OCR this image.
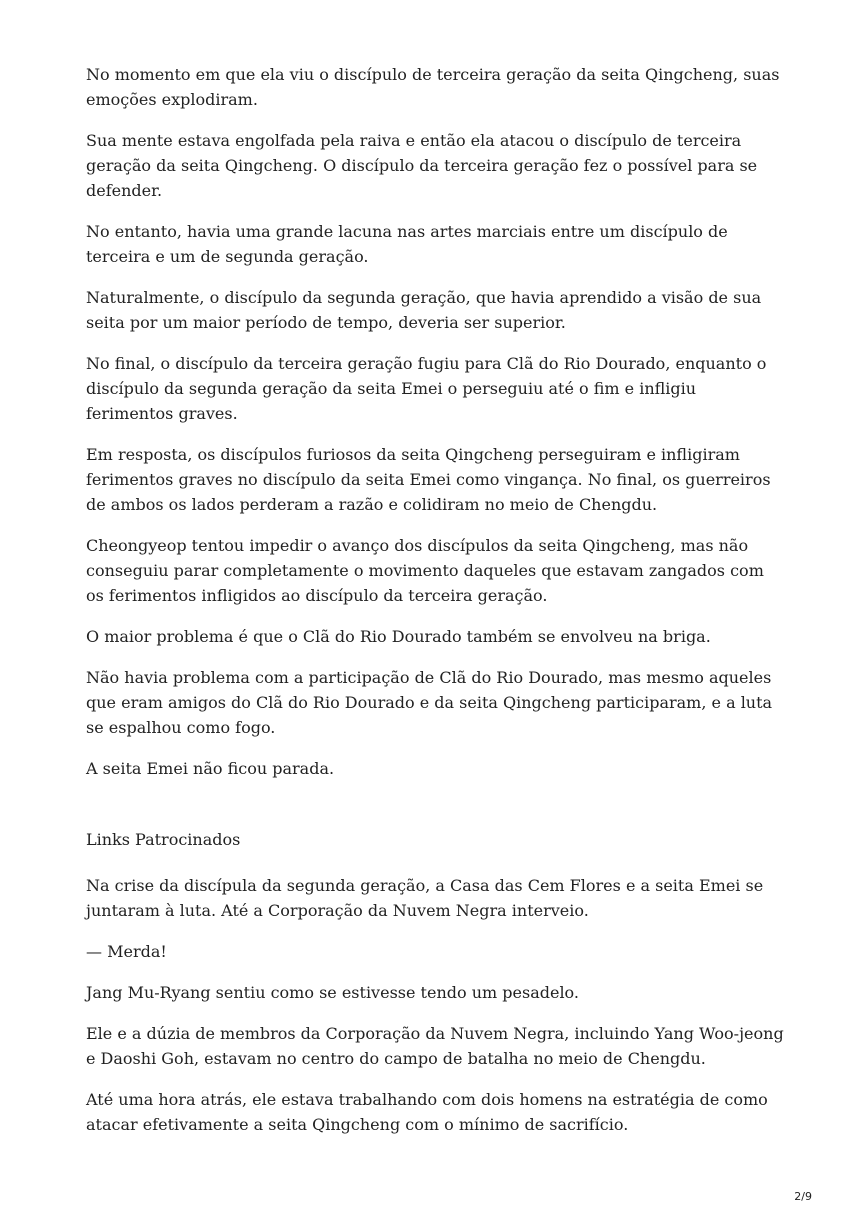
No momento em que ela viu o discípulo de terceira geração da seita Qingcheng, suas emoções explodiram.

Sua mente estava engolfada pela raiva e então ela atacou o discípulo de terceira geração da seita Qingcheng. O discípulo da terceira geração fez o possível para se defender.

No entanto, havia uma grande lacuna nas artes marciais entre um discípulo de terceira e um de segunda geração.

Naturalmente, o discípulo da segunda geração, que havia aprendido a visão de sua seita por um maior período de tempo, deveria ser superior.

No final, o discípulo da terceira geração fugiu para Clã do Rio Dourado, enquanto o discípulo da segunda geração da seita Emei o perseguiu até o fim e infligiu ferimentos graves.

Em resposta, os discípulos furiosos da seita Qingcheng perseguiram e infligiram ferimentos graves no discípulo da seita Emei como vingança. No final, os guerreiros de ambos os lados perderam a razão e colidiram no meio de Chengdu.

Cheongyeop tentou impedir o avanço dos discípulos da seita Qingcheng, mas não conseguiu parar completamente o movimento daqueles que estavam zangados com os ferimentos infligidos ao discípulo da terceira geração.

O maior problema é que o Clã do Rio Dourado também se envolveu na briga.

Não havia problema com a participação de Clã do Rio Dourado, mas mesmo aqueles que eram amigos do Clã do Rio Dourado e da seita Qingcheng participaram, e a luta se espalhou como fogo.

A seita Emei não ficou parada.

Links Patrocinados

Na crise da discípula da segunda geração, a Casa das Cem Flores e a seita Emei se juntaram à luta. Até a Corporação da Nuvem Negra interveio.

— Merda!

Jang Mu-Ryang sentiu como se estivesse tendo um pesadelo.

Ele e a dúzia de membros da Corporação da Nuvem Negra, incluindo Yang Woo-jeong e Daoshi Goh, estavam no centro do campo de batalha no meio de Chengdu.

Até uma hora atrás, ele estava trabalhando com dois homens na estratégia de como atacar efetivamente a seita Qingcheng com o mínimo de sacrifício.

2/9
